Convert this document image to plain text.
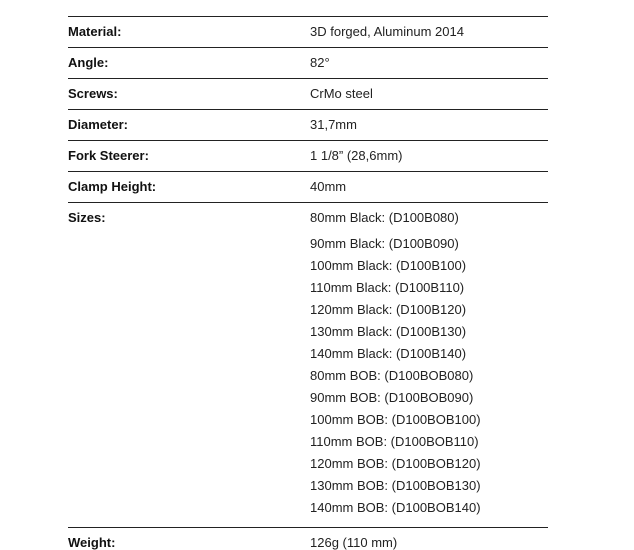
Material:	3D forged, Aluminum 2014
Angle:	82°
Screws:	CrMo steel
Diameter:	31,7mm
Fork Steerer:	1 1/8” (28,6mm)
Clamp Height:	40mm
Sizes:	80mm Black: (D100B080)
90mm Black: (D100B090)
100mm Black: (D100B100)
110mm Black: (D100B110)
120mm Black: (D100B120)
130mm Black: (D100B130)
140mm Black: (D100B140)
80mm BOB: (D100BOB080)
90mm BOB: (D100BOB090)
100mm BOB: (D100BOB100)
110mm BOB: (D100BOB110)
120mm BOB: (D100BOB120)
130mm BOB: (D100BOB130)
140mm BOB: (D100BOB140)
Weight:	126g (110 mm)
